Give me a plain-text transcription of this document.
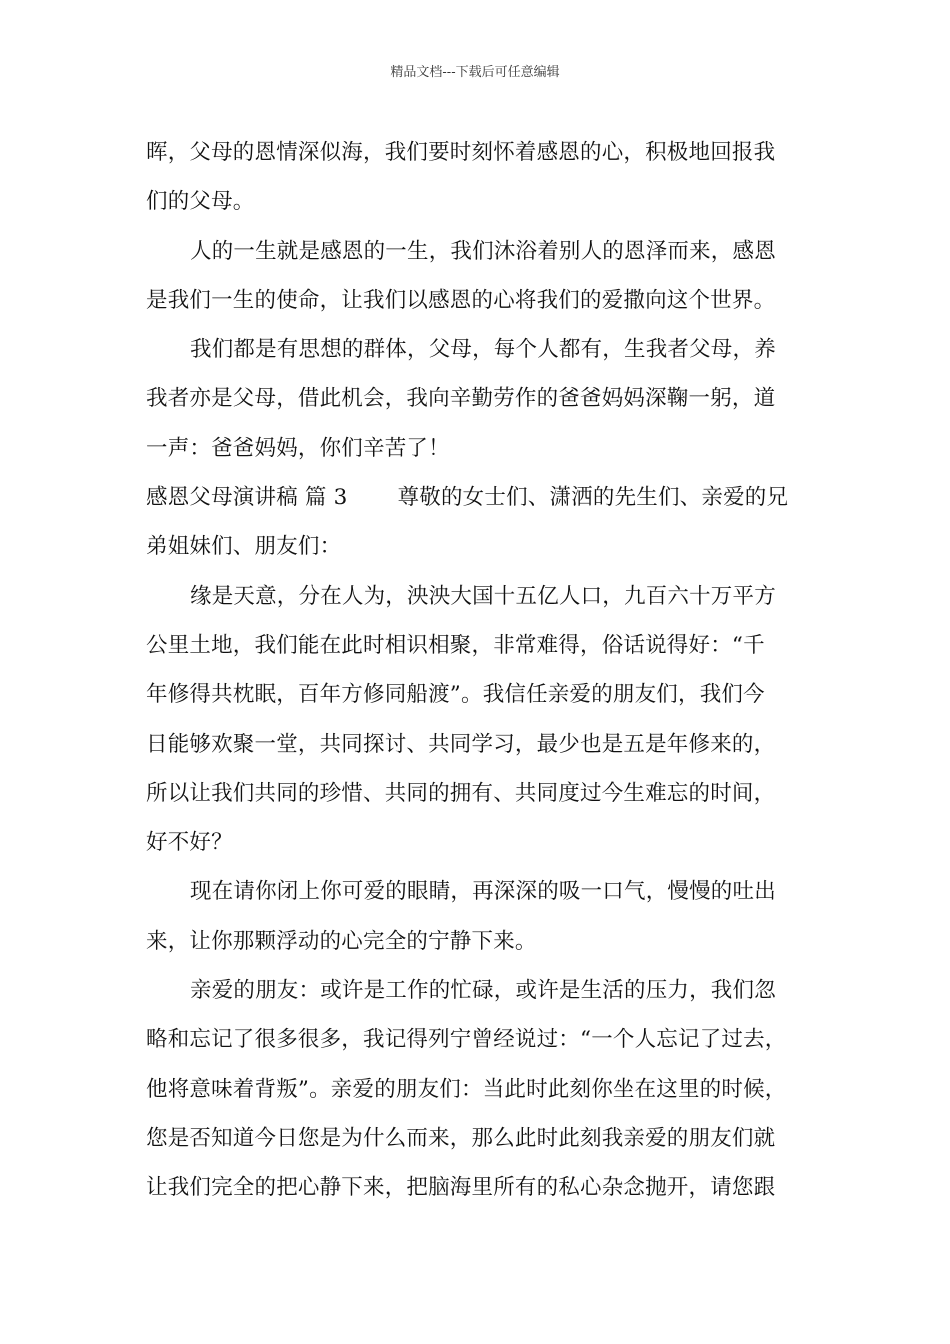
精品文档---下载后可任意编辑
晖，父母的恩情深似海，我们要时刻怀着感恩的心，积极地回报我
们的父母。
人的一生就是感恩的一生，我们沐浴着别人的恩泽而来，感恩
是我们一生的使命，让我们以感恩的心将我们的爱撒向这个世界。
我们都是有思想的群体，父母，每个人都有，生我者父母，养
我者亦是父母，借此机会，我向辛勤劳作的爸爸妈妈深鞠一躬，道
一声：爸爸妈妈，你们辛苦了！
感恩父母演讲稿 篇 3 尊敬的女士们、潇洒的先生们、亲爱的兄
弟姐妹们、朋友们：
缘是天意，分在人为，泱泱大国十五亿人口，九百六十万平方
公里土地，我们能在此时相识相聚，非常难得，俗话说得好：“千
年修得共枕眠，百年方修同船渡”。我信任亲爱的朋友们，我们今
日能够欢聚一堂，共同探讨、共同学习，最少也是五是年修来的，
所以让我们共同的珍惜、共同的拥有、共同度过今生难忘的时间，
好不好？
现在请你闭上你可爱的眼睛，再深深的吸一口气，慢慢的吐出
来，让你那颗浮动的心完全的宁静下来。
亲爱的朋友：或许是工作的忙碌，或许是生活的压力，我们忽
略和忘记了很多很多，我记得列宁曾经说过：“一个人忘记了过去，
他将意味着背叛”。亲爱的朋友们：当此时此刻你坐在这里的时候，
您是否知道今日您是为什么而来，那么此时此刻我亲爱的朋友们就
让我们完全的把心静下来，把脑海里所有的私心杂念抛开，请您跟
